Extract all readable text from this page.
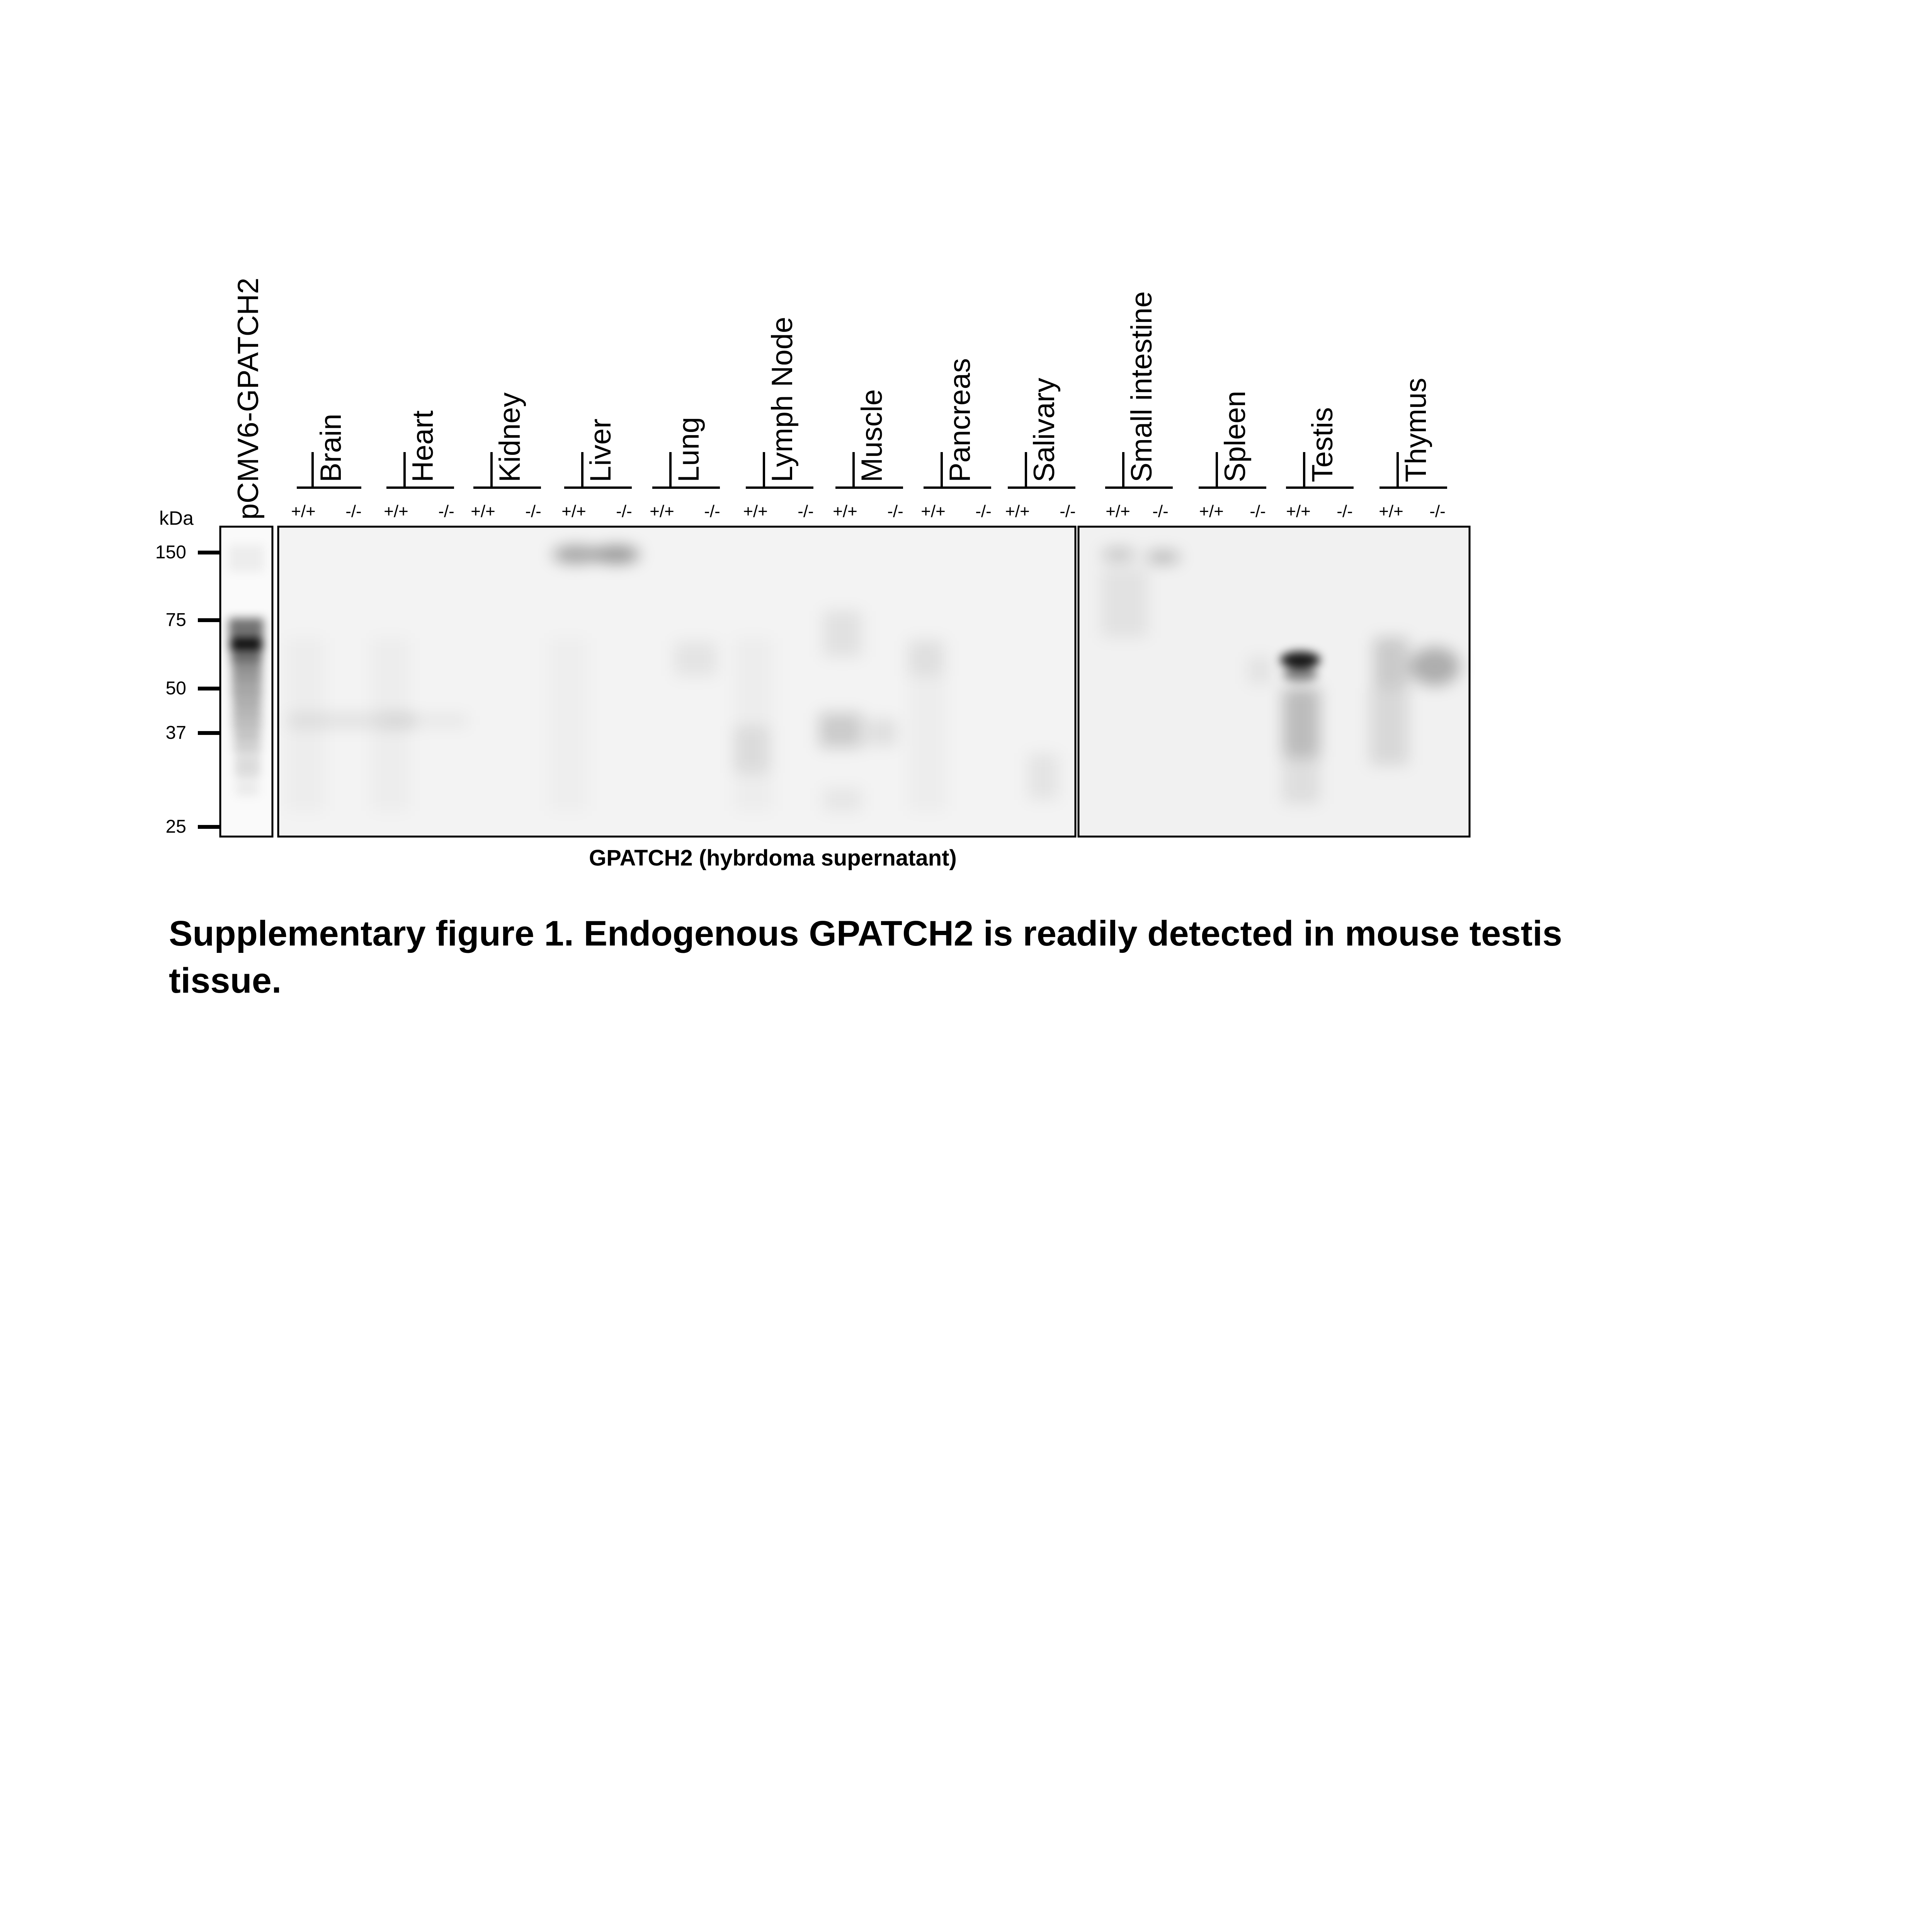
kDa
150
75
50
37
25
pCMV6-GPATCH2 Brain Heart Kidney Liver Lung Lymph Node Muscle Pancreas Salivary Small intestine Spleen Testis Thymus
+/+ -/- +/+ -/- +/+ -/- +/+ -/- +/+ -/- +/+ -/- +/+ -/- +/+ -/- +/+ -/- +/+ -/- +/+ -/- +/+ -/- +/+ -/-
GPATCH2 (hybrdoma supernatant)

Supplementary figure 1. Endogenous GPATCH2 is readily detected in mouse testis tissue.
